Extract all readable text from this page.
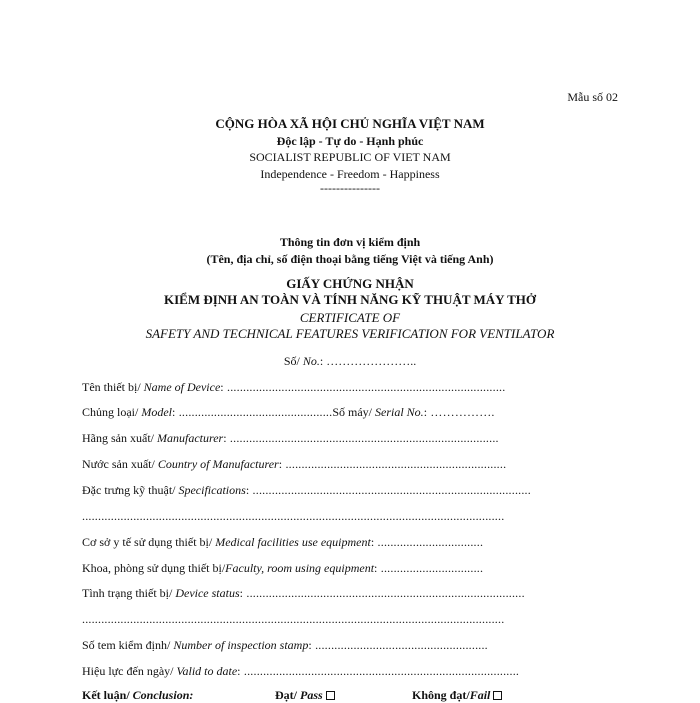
Mẫu số 02
CỘNG HÒA XÃ HỘI CHỦ NGHĨA VIỆT NAM
Độc lập - Tự do - Hạnh phúc
SOCIALIST REPUBLIC OF VIET NAM
Independence - Freedom - Happiness
---------------
Thông tin đơn vị kiểm định
(Tên, địa chỉ, số điện thoại bằng tiếng Việt và tiếng Anh)
GIẤY CHỨNG NHẬN
KIỂM ĐỊNH AN TOÀN VÀ TÍNH NĂNG KỸ THUẬT MÁY THỞ
CERTIFICATE OF
SAFETY AND TECHNICAL FEATURES VERIFICATION FOR VENTILATOR
Số/ No.: …………………..
Tên thiết bị/ Name of Device: .......................................................................................
Chủng loại/ Model: ................................................Số máy/ Serial No.: …………….
Hãng sản xuất/ Manufacturer: ....................................................................................
Nước sản xuất/ Country of Manufacturer: .....................................................................
Đặc trưng kỹ thuật/ Specifications: .......................................................................................
....................................................................................................................................
Cơ sở y tế sử dụng thiết bị/ Medical facilities use equipment: .................................
Khoa, phòng sử dụng thiết bị/Faculty, room using equipment: ................................
Tình trạng thiết bị/ Device status: .......................................................................................
....................................................................................................................................
Số tem kiểm định/ Number of inspection stamp: ......................................................
Hiệu lực đến ngày/ Valid to date: ......................................................................................
Kết luận/ Conclusion:	Đạt/ Pass	Không đạt/Fail
